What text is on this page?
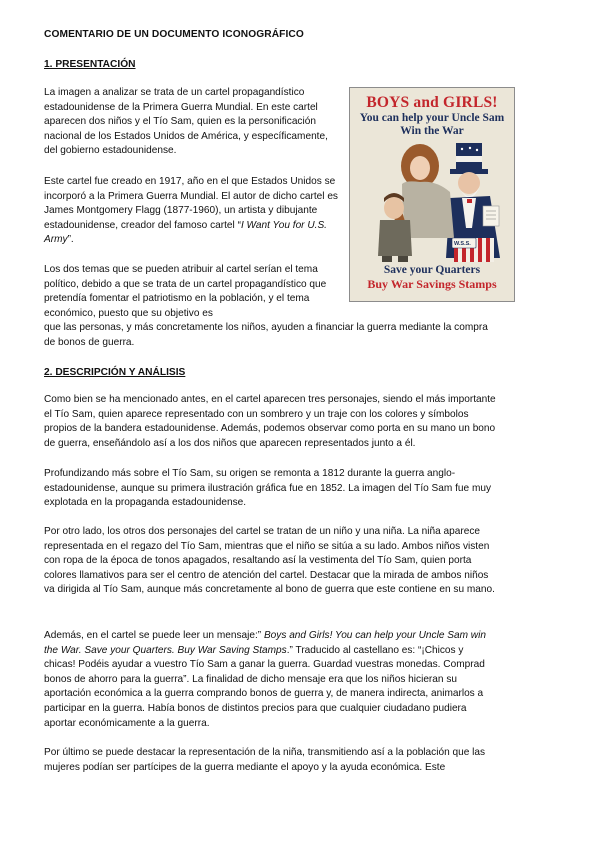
COMENTARIO DE UN DOCUMENTO ICONOGRÁFICO
1. PRESENTACIÓN

La imagen a analizar se trata de un cartel propagandístico estadounidense de la Primera Guerra Mundial. En este cartel aparecen dos niños y el Tío Sam, quien es la personificación nacional de los Estados Unidos de América, y específicamente, del gobierno estadounidense.

Este cartel fue creado en 1917, año en el que Estados Unidos se incorporó a la Primera Guerra Mundial. El autor de dicho cartel es James Montgomery Flagg (1877-1960), un artista y dibujante estadounidense, creador del famoso cartel “I Want You for U.S. Army”.

Los dos temas que se pueden atribuir al cartel serían el tema político, debido a que se trata de un cartel propagandístico que pretendía fomentar el patriotismo en la población, y el tema económico, puesto que su objetivo es

que las personas, y más concretamente los niños, ayuden a financiar la guerra mediante la compra de bonos de guerra.

BOYS and GIRLS!
You can help your Uncle Sam
Win the War
W.S.S.
Save your Quarters
Buy War Savings Stamps
2. DESCRIPCIÓN Y ANÁLISIS

Como bien se ha mencionado antes, en el cartel aparecen tres personajes, siendo el más importante el Tío Sam, quien aparece representado con un sombrero y un traje con los colores y símbolos propios de la bandera estadounidense. Además, podemos observar como porta en su mano un bono de guerra, enseñándolo así a los dos niños que aparecen representados junto a él.

Profundizando más sobre el Tío Sam, su origen se remonta a 1812 durante la guerra anglo-estadounidense, aunque su primera ilustración gráfica fue en 1852. La imagen del Tío Sam fue muy explotada en la propaganda estadounidense.

Por otro lado, los otros dos personajes del cartel se tratan de un niño y una niña. La niña aparece representada en el regazo del Tío Sam, mientras que el niño se sitúa a su lado. Ambos niños visten con ropa de la época de tonos apagados, resaltando así la vestimenta del Tío Sam, quien porta colores llamativos para ser el centro de atención del cartel. Destacar que la mirada de ambos niños va dirigida al Tío Sam, aunque más concretamente al bono de guerra que este contiene en su mano.

Además, en el cartel se puede leer un mensaje:” Boys and Girls! You can help your Uncle Sam win the War. Save your Quarters. Buy War Saving Stamps.” Traducido al castellano es: “¡Chicos y chicas! Podéis ayudar a vuestro Tío Sam a ganar la guerra. Guardad vuestras monedas. Comprad bonos de ahorro para la guerra”. La finalidad de dicho mensaje era que los niños hicieran su aportación económica a la guerra comprando bonos de guerra y, de manera indirecta, animarlos a participar en la guerra. Había bonos de distintos precios para que cualquier ciudadano pudiera aportar económicamente a la guerra.

Por último se puede destacar la representación de la niña, transmitiendo así a la población que las mujeres podían ser partícipes de la guerra mediante el apoyo y la ayuda económica. Este
